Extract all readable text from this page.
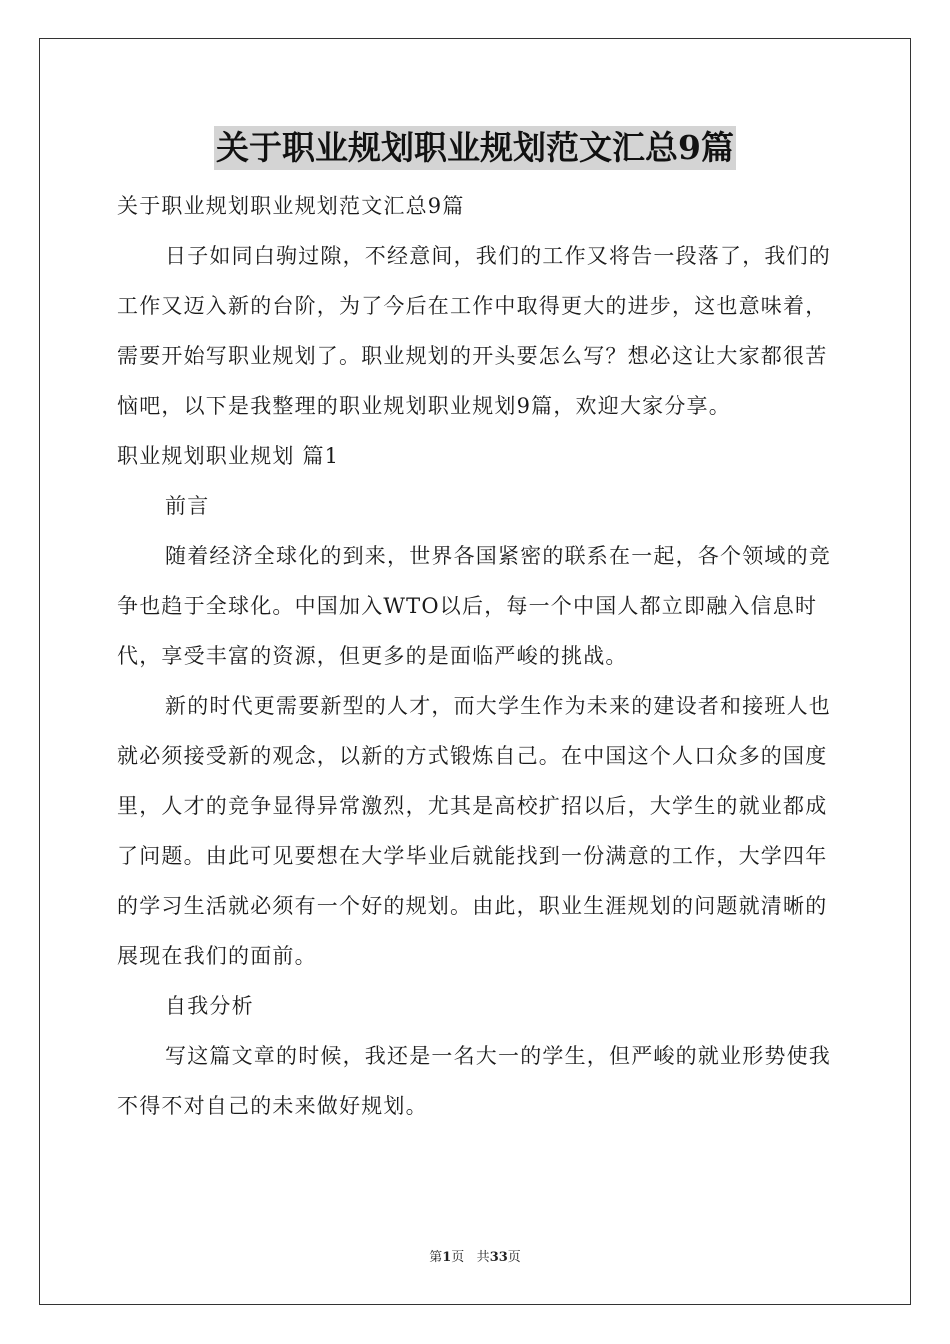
关于职业规划职业规划范文汇总9篇

关于职业规划职业规划范文汇总9篇

日子如同白驹过隙，不经意间，我们的工作又将告一段落了，我们的工作又迈入新的台阶，为了今后在工作中取得更大的进步，这也意味着，需要开始写职业规划了。职业规划的开头要怎么写？想必这让大家都很苦恼吧，以下是我整理的职业规划职业规划9篇，欢迎大家分享。

职业规划职业规划 篇1

前言

随着经济全球化的到来，世界各国紧密的联系在一起，各个领域的竞争也趋于全球化。中国加入WTO以后，每一个中国人都立即融入信息时代，享受丰富的资源，但更多的是面临严峻的挑战。

新的时代更需要新型的人才，而大学生作为未来的建设者和接班人也就必须接受新的观念，以新的方式锻炼自己。在中国这个人口众多的国度里，人才的竞争显得异常激烈，尤其是高校扩招以后，大学生的就业都成了问题。由此可见要想在大学毕业后就能找到一份满意的工作，大学四年的学习生活就必须有一个好的规划。由此，职业生涯规划的问题就清晰的展现在我们的面前。

自我分析

写这篇文章的时候，我还是一名大一的学生，但严峻的就业形势使我不得不对自己的未来做好规划。

第1页 共33页
